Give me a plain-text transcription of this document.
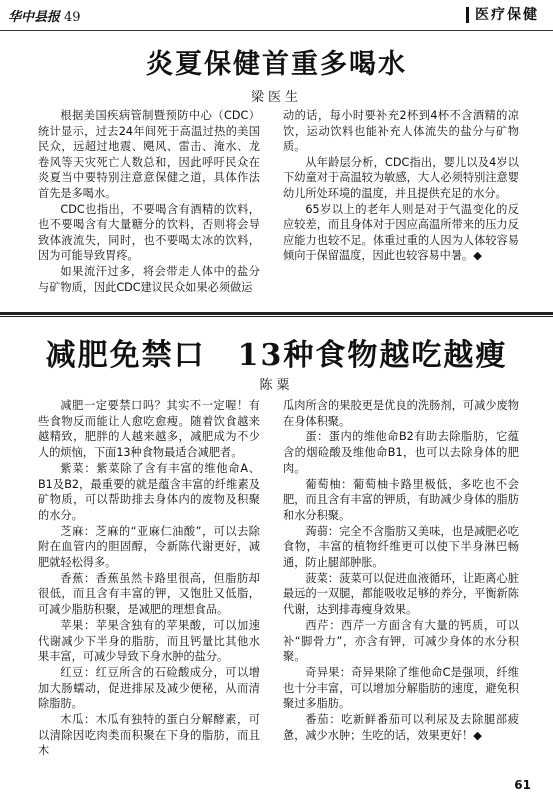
华中县报 49	医疗保健
炎夏保健首重多喝水
梁医生

根据美国疾病管制暨预防中心（CDC）统计显示，过去24年间死于高温过热的美国民众，远超过地震、飓风、雷击、淹水、龙卷风等天灾死亡人数总和，因此呼吁民众在炎夏当中要特别注意意保健之道，具体作法首先是多喝水。

CDC也指出，不要喝含有酒精的饮料，也不要喝含有大量糖分的饮料，否则将会导致体液流失，同时，也不要喝太冰的饮料，因为可能导致胃疼。

如果流汗过多，将会带走人体中的盐分与矿物质，因此CDC建议民众如果必须做运

动的话，每小时要补充2杯到4杯不含酒精的凉饮，运动饮料也能补充人体流失的盐分与矿物质。

从年龄层分析，CDC指出，婴儿以及4岁以下幼童对于高温较为敏感，大人必须特别注意婴幼儿所处环境的温度，并且提供充足的水分。

65岁以上的老年人则是对于气温变化的反应较差，而且身体对于因应高温所带来的压力反应能力也较不足。体重过重的人因为人体较容易倾向于保留温度，因此也较容易中暑。◆

减肥免禁口　13种食物越吃越瘦
陈粟

减肥一定要禁口吗？其实不一定喔！有些食物反而能让人愈吃愈瘦。随着饮食越来越精致，肥胖的人越来越多，减肥成为不少人的烦恼，下面13种食物最适合减肥者。

紫菜：紫菜除了含有丰富的维他命A、B1及B2，最重要的就是蕴含丰富的纤维素及矿物质，可以帮助排去身体内的废物及积聚的水分。

芝麻：芝麻的“亚麻仁油酸”，可以去除附在血管内的胆固醇，令新陈代谢更好，减肥就轻松得多。

香蕉：香蕉虽然卡路里很高，但脂肪却很低，而且含有丰富的钾，又饱肚又低脂，可减少脂肪积聚，是减肥的理想食品。

苹果：苹果含独有的苹果酸，可以加速代谢减少下半身的脂肪，而且钙量比其他水果丰富，可减少导致下身水肿的盐分。

红豆：红豆所含的石硷酸成分，可以增加大肠蠕动，促进排尿及减少便秘，从而清除脂肪。

木瓜：木瓜有独特的蛋白分解酵素，可以清除因吃肉类而积聚在下身的脂肪，而且木

瓜肉所含的果胶更是优良的洗肠剂，可减少废物在身体积聚。

蛋：蛋内的维他命B2有助去除脂肪，它蕴含的烟硷酸及维他命B1，也可以去除身体的肥肉。

葡萄柚：葡萄柚卡路里极低，多吃也不会肥，而且含有丰富的钾质，有助减少身体的脂肪和水分积聚。

蒟蒻：完全不含脂肪又美味，也是减肥必吃食物，丰富的植物纤维更可以使下半身淋巴畅通，防止腿部肿胀。

菠菜：菠菜可以促进血液循环，让距离心脏最远的一双腿，都能吸收足够的养分，平衡新陈代谢，达到排毒瘦身效果。

西芹：西芹一方面含有大量的钙质，可以补“脚骨力”，亦含有钾，可减少身体的水分积聚。

奇异果：奇异果除了维他命C是强项，纤维也十分丰富，可以增加分解脂肪的速度，避免积聚过多脂肪。

番茄：吃新鲜番茄可以利尿及去除腿部疲惫，减少水肿；生吃的话，效果更好！◆

61
